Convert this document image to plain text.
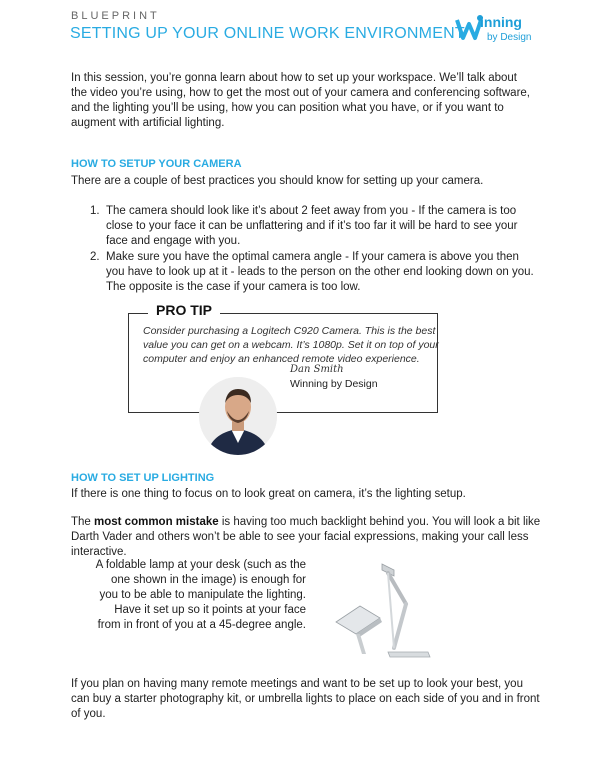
BLUEPRINT
SETTING UP YOUR ONLINE WORK ENVIRONMENT
inning
by Design

In this session, you’re gonna learn about how to set up your workspace. We’ll talk about the video you’re using, how to get the most out of your camera and conferencing software, and the lighting you’ll be using, how you can position what you have, or if you want to augment with artificial lighting.

HOW TO SETUP YOUR CAMERA

There are a couple of best practices you should know for setting up your camera.

1. The camera should look like it’s about 2 feet away from you - If the camera is too close to your face it can be unflattering and if it’s too far it will be hard to see your face and engage with you.
2. Make sure you have the optimal camera angle - If your camera is above you then you have to look up at it - leads to the person on the other end looking down on you. The opposite is the case if your camera is too low.
PRO TIP

Consider purchasing a Logitech C920 Camera. This is the best value you can get on a webcam. It’s 1080p. Set it on top of your computer and enjoy an enhanced remote video experience.

Dan Smith
Winning by Design
HOW TO SET UP LIGHTING

If there is one thing to focus on to look great on camera, it’s the lighting setup.

The most common mistake is having too much backlight behind you. You will look a bit like Darth Vader and others won’t be able to see your facial expressions, making your call less interactive.

A foldable lamp at your desk (such as the one shown in the image) is enough for you to be able to manipulate the lighting. Have it set up so it points at your face from in front of you at a 45-degree angle.

If you plan on having many remote meetings and want to be set up to look your best, you can buy a starter photography kit, or umbrella lights to place on each side of you and in front of you.
